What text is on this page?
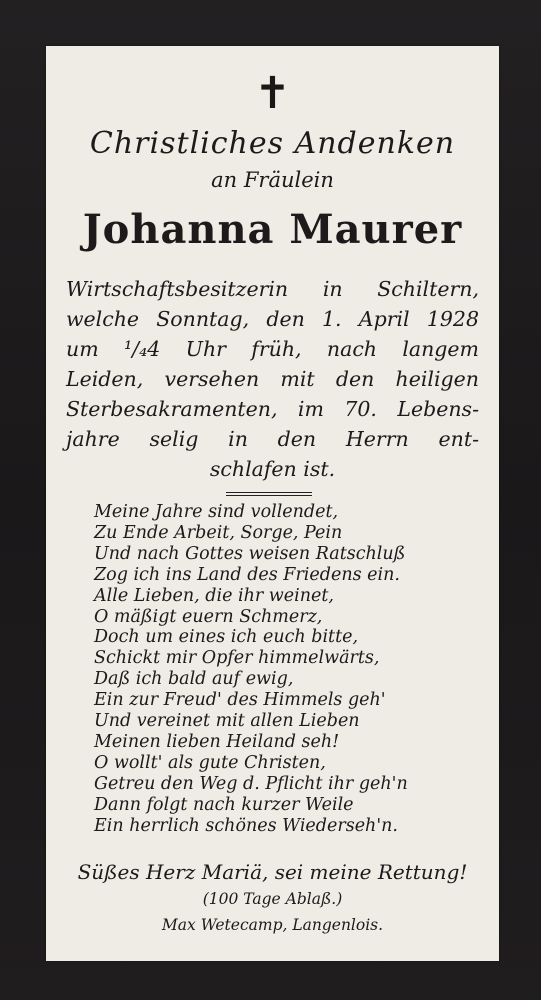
✝
Christliches Andenken
an Fräulein
Johanna Maurer
Wirtschaftsbesitzerin in Schiltern,
welche Sonntag, den 1. April 1928
um ¹/₄4 Uhr früh, nach langem
Leiden, versehen mit den heiligen
Sterbesakramenten, im 70. Lebens-
jahre selig in den Herrn ent-
schlafen ist.
Meine Jahre sind vollendet,
Zu Ende Arbeit, Sorge, Pein
Und nach Gottes weisen Ratschluß
Zog ich ins Land des Friedens ein.
Alle Lieben, die ihr weinet,
O mäßigt euern Schmerz,
Doch um eines ich euch bitte,
Schickt mir Opfer himmelwärts,
Daß ich bald auf ewig,
Ein zur Freud' des Himmels geh'
Und vereinet mit allen Lieben
Meinen lieben Heiland seh!
O wollt' als gute Christen,
Getreu den Weg d. Pflicht ihr geh'n
Dann folgt nach kurzer Weile
Ein herrlich schönes Wiederseh'n.
Süßes Herz Mariä, sei meine Rettung!
(100 Tage Ablaß.)
Max Wetecamp, Langenlois.
